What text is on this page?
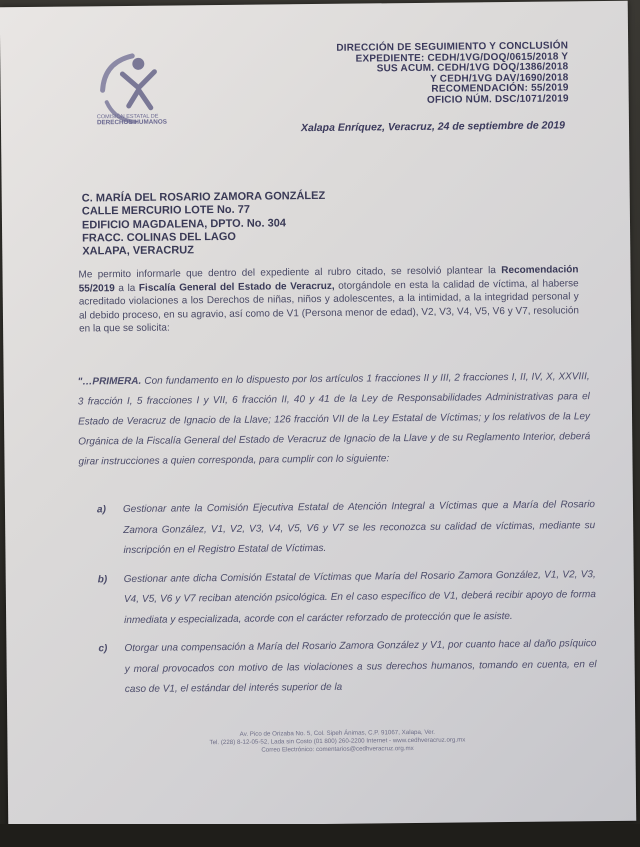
COMISIÓN ESTATAL DE
DERECHOS HUMANOS
DIRECCIÓN DE SEGUIMIENTO Y CONCLUSIÓN
EXPEDIENTE: CEDH/1VG/DOQ/0615/2018 Y
SUS ACUM. CEDH/1VG DOQ/1386/2018
Y CEDH/1VG DAV/1690/2018
RECOMENDACIÓN: 55/2019
OFICIO NÚM. DSC/1071/2019
Xalapa Enríquez, Veracruz, 24 de septiembre de 2019
C. MARÍA DEL ROSARIO ZAMORA GONZÁLEZ
CALLE MERCURIO LOTE No. 77
EDIFICIO MAGDALENA, DPTO. No. 304
FRACC. COLINAS DEL LAGO
XALAPA, VERACRUZ
Me permito informarle que dentro del expediente al rubro citado, se resolvió plantear la Recomendación 55/2019 a la Fiscalía General del Estado de Veracruz, otorgándole en esta la calidad de víctima, al haberse acreditado violaciones a los Derechos de niñas, niños y adolescentes, a la intimidad, a la integridad personal y al debido proceso, en su agravio, así como de V1 (Persona menor de edad), V2, V3, V4, V5, V6 y V7, resolución en la que se solicita:
"…PRIMERA. Con fundamento en lo dispuesto por los artículos 1 fracciones II y III, 2 fracciones I, II, IV, X, XXVIII, 3 fracción I, 5 fracciones I y VII, 6 fracción II, 40 y 41 de la Ley de Responsabilidades Administrativas para el Estado de Veracruz de Ignacio de la Llave; 126 fracción VII de la Ley Estatal de Víctimas; y los relativos de la Ley Orgánica de la Fiscalía General del Estado de Veracruz de Ignacio de la Llave y de su Reglamento Interior, deberá girar instrucciones a quien corresponda, para cumplir con lo siguiente:
a) Gestionar ante la Comisión Ejecutiva Estatal de Atención Integral a Víctimas que a María del Rosario Zamora González, V1, V2, V3, V4, V5, V6 y V7 se les reconozca su calidad de víctimas, mediante su inscripción en el Registro Estatal de Víctimas.
b) Gestionar ante dicha Comisión Estatal de Víctimas que María del Rosario Zamora González, V1, V2, V3, V4, V5, V6 y V7 reciban atención psicológica. En el caso específico de V1, deberá recibir apoyo de forma inmediata y especializada, acorde con el carácter reforzado de protección que le asiste.
c) Otorgar una compensación a María del Rosario Zamora González y V1, por cuanto hace al daño psíquico y moral provocados con motivo de las violaciones a sus derechos humanos, tomando en cuenta, en el caso de V1, el estándar del interés superior de la
Av. Pico de Orizaba No. 5, Col. Sipeh Ánimas, C.P. 91067, Xalapa, Ver.
Tel. (228) 8-12-05-52, Lada sin Costo (01 800) 260-2200 Internet - www.cedhveracruz.org.mx
Correo Electrónico: comentarios@cedhveracruz.org.mx
